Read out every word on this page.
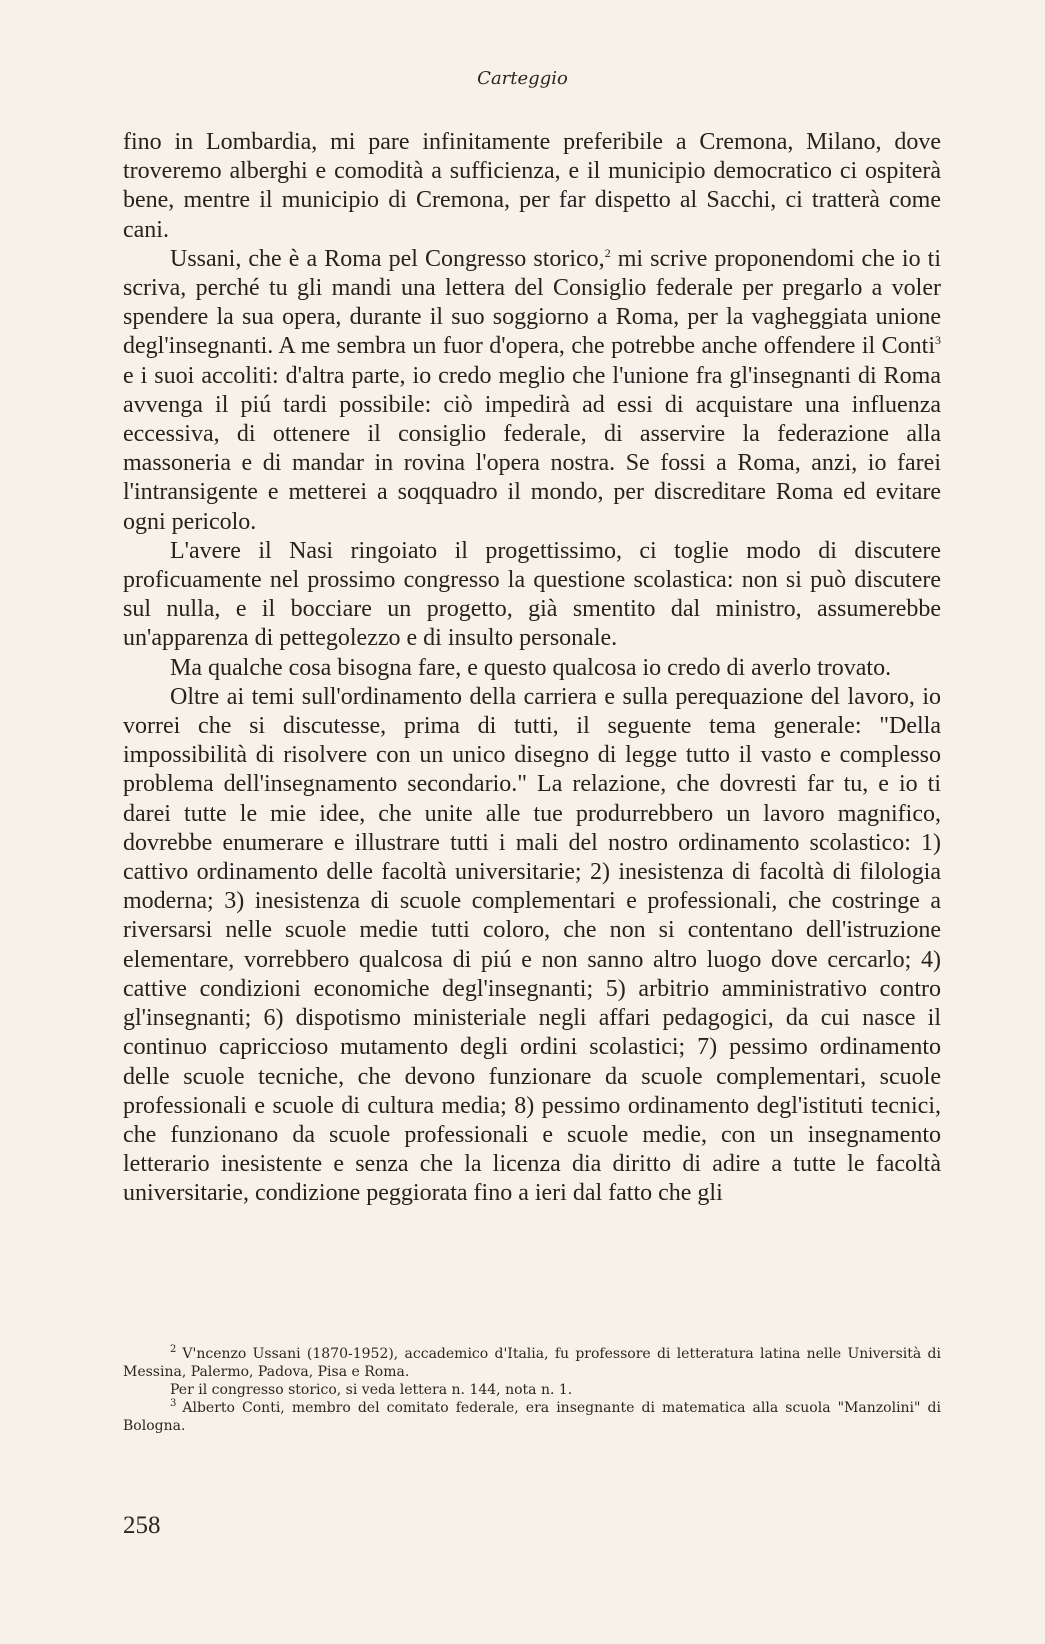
Carteggio

fino in Lombardia, mi pare infinitamente preferibile a Cremona, Milano, dove troveremo alberghi e comodità a sufficienza, e il municipio democratico ci ospiterà bene, mentre il municipio di Cremona, per far dispetto al Sacchi, ci tratterà come cani.

Ussani, che è a Roma pel Congresso storico,$^2$ mi scrive proponendomi che io ti scriva, perché tu gli mandi una lettera del Consiglio federale per pregarlo a voler spendere la sua opera, durante il suo soggiorno a Roma, per la vagheggiata unione degl'insegnanti. A me sembra un fuor d'opera, che potrebbe anche offendere il Conti$^3$ e i suoi accoliti: d'altra parte, io credo meglio che l'unione fra gl'insegnanti di Roma avvenga il piú tardi possibile: ciò impedirà ad essi di acquistare una influenza eccessiva, di ottenere il consiglio federale, di asservire la federazione alla massoneria e di mandar in rovina l'opera nostra. Se fossi a Roma, anzi, io farei l'intransigente e metterei a soqquadro il mondo, per discreditare Roma ed evitare ogni pericolo.

L'avere il Nasi ringoiato il progettissimo, ci toglie modo di discutere proficuamente nel prossimo congresso la questione scolastica: non si può discutere sul nulla, e il bocciare un progetto, già smentito dal ministro, assumerebbe un'apparenza di pettegolezzo e di insulto personale.

Ma qualche cosa bisogna fare, e questo qualcosa io credo di averlo trovato.

Oltre ai temi sull'ordinamento della carriera e sulla perequazione del lavoro, io vorrei che si discutesse, prima di tutti, il seguente tema generale: "Della impossibilità di risolvere con un unico disegno di legge tutto il vasto e complesso problema dell'insegnamento secondario." La relazione, che dovresti far tu, e io ti darei tutte le mie idee, che unite alle tue produrrebbero un lavoro magnifico, dovrebbe enumerare e illustrare tutti i mali del nostro ordinamento scolastico: 1) cattivo ordinamento delle facoltà universitarie; 2) inesistenza di facoltà di filologia moderna; 3) inesistenza di scuole complementari e professionali, che costringe a riversarsi nelle scuole medie tutti coloro, che non si contentano dell'istruzione elementare, vorrebbero qualcosa di piú e non sanno altro luogo dove cercarlo; 4) cattive condizioni economiche degl'insegnanti; 5) arbitrio amministrativo contro gl'insegnanti; 6) dispotismo ministeriale negli affari pedagogici, da cui nasce il continuo capriccioso mutamento degli ordini scolastici; 7) pessimo ordinamento delle scuole tecniche, che devono funzionare da scuole complementari, scuole professionali e scuole di cultura media; 8) pessimo ordinamento degl'istituti tecnici, che funzionano da scuole professionali e scuole medie, con un insegnamento letterario inesistente e senza che la licenza dia diritto di adire a tutte le facoltà universitarie, condizione peggiorata fino a ieri dal fatto che gli

$^2$ V'ncenzo Ussani (1870-1952), accademico d'Italia, fu professore di letteratura latina nelle Università di Messina, Palermo, Padova, Pisa e Roma.

Per il congresso storico, si veda lettera n. 144, nota n. 1.

$^3$ Alberto Conti, membro del comitato federale, era insegnante di matematica alla scuola "Manzolini" di Bologna.

258
